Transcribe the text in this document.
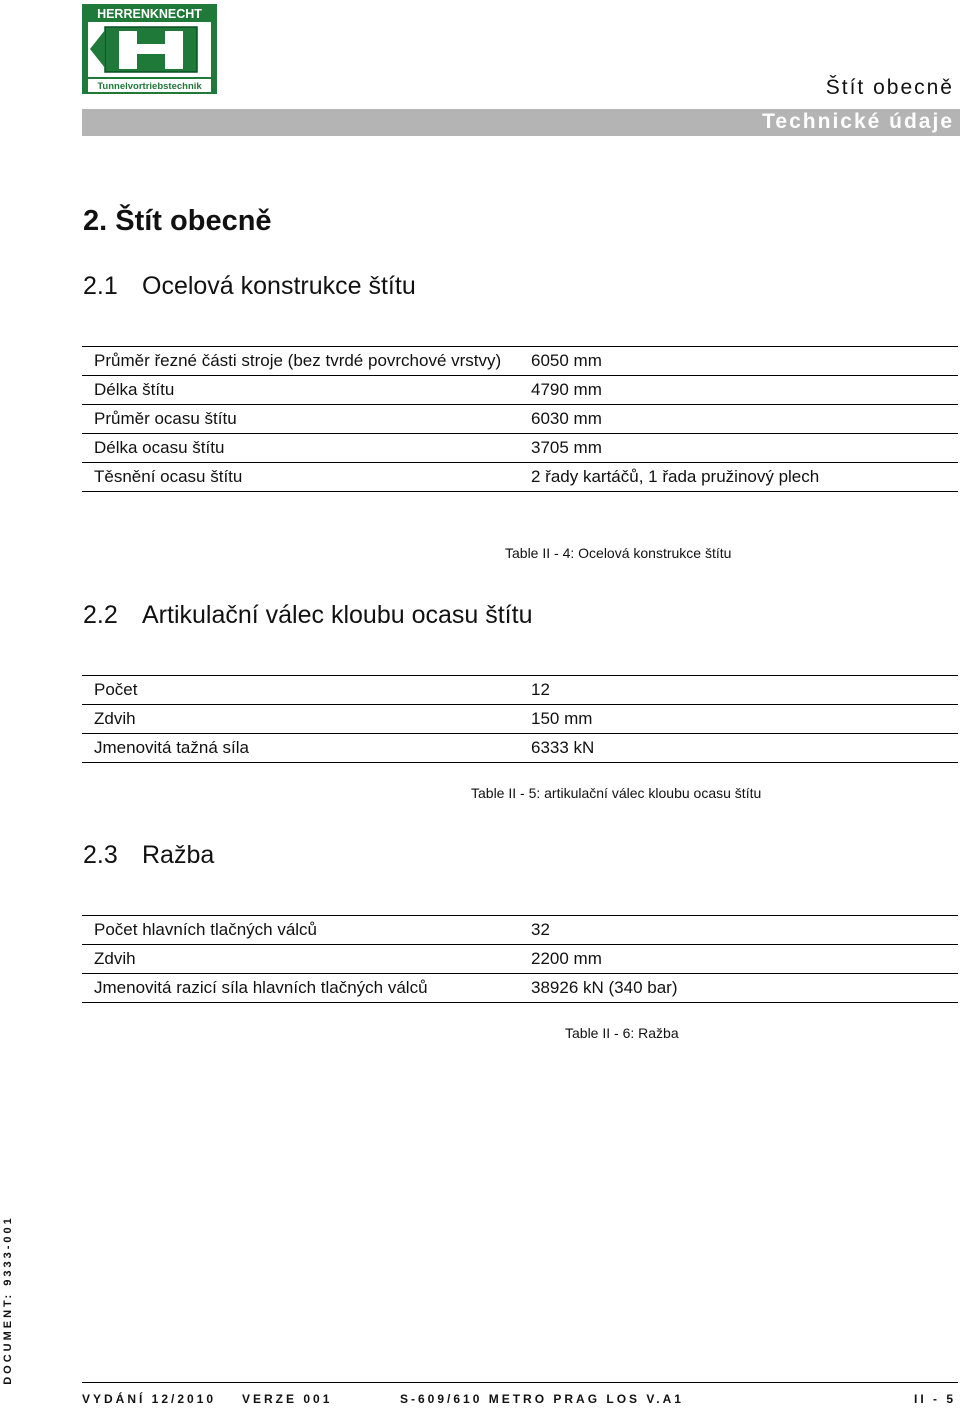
HERRENKNECHT
Tunnelvortriebstechnik	Štít obecně
Technické údaje
2. Štít obecně
2.1 Ocelová konstrukce štítu
Průměr řezné části stroje (bez tvrdé povrchové vrstvy)	6050 mm
Délka štítu	4790 mm
Průměr ocasu štítu	6030 mm
Délka ocasu štítu	3705 mm
Těsnění ocasu štítu	2 řady kartáčů, 1 řada pružinový plech
Table II - 4: Ocelová konstrukce štítu
2.2 Artikulační válec kloubu ocasu štítu
Počet	12
Zdvih	150 mm
Jmenovitá tažná síla	6333 kN
Table II - 5: artikulační válec kloubu ocasu štítu
2.3 Ražba
Počet hlavních tlačných válců	32
Zdvih	2200 mm
Jmenovitá razicí síla hlavních tlačných válců	38926 kN (340 bar)
Table II - 6: Ražba
DOCUMENT: 9333-001
VYDÁNÍ 12/2010 VERZE 001	S-609/610 METRO PRAG LOS V.A1	II - 5
